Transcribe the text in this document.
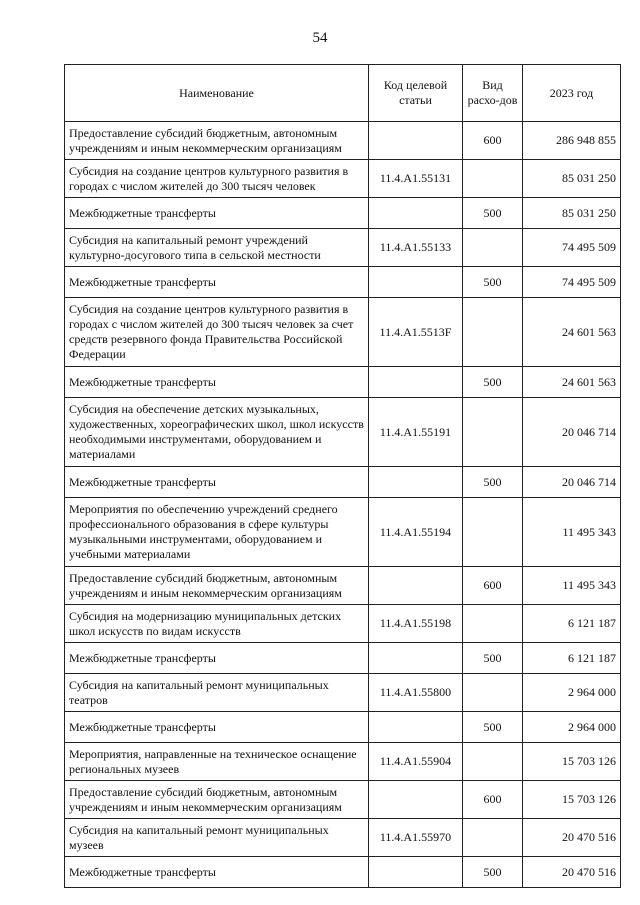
54
Наименование	Код целевой статьи	Вид расхо-дов	2023 год
Предоставление субсидий бюджетным, автономным учреждениям и иным некоммерческим организациям		600	286 948 855
Субсидия на создание центров культурного развития в городах с числом жителей до 300 тысяч человек	11.4.А1.55131		85 031 250
Межбюджетные трансферты		500	85 031 250
Субсидия на капитальный ремонт учреждений культурно-досугового типа в сельской местности	11.4.А1.55133		74 495 509
Межбюджетные трансферты		500	74 495 509
Субсидия на создание центров культурного развития в городах с числом жителей до 300 тысяч человек за счет средств резервного фонда Правительства Российской Федерации	11.4.А1.5513F		24 601 563
Межбюджетные трансферты		500	24 601 563
Субсидия на обеспечение детских музыкальных, художественных, хореографических школ, школ искусств необходимыми инструментами, оборудованием и материалами	11.4.А1.55191		20 046 714
Межбюджетные трансферты		500	20 046 714
Мероприятия по обеспечению учреждений среднего профессионального образования в сфере культуры музыкальными инструментами, оборудованием и учебными материалами	11.4.А1.55194		11 495 343
Предоставление субсидий бюджетным, автономным учреждениям и иным некоммерческим организациям		600	11 495 343
Субсидия на модернизацию муниципальных детских школ искусств по видам искусств	11.4.А1.55198		6 121 187
Межбюджетные трансферты		500	6 121 187
Субсидия на капитальный ремонт муниципальных театров	11.4.А1.55800		2 964 000
Межбюджетные трансферты		500	2 964 000
Мероприятия, направленные на техническое оснащение региональных музеев	11.4.А1.55904		15 703 126
Предоставление субсидий бюджетным, автономным учреждениям и иным некоммерческим организациям		600	15 703 126
Субсидия на капитальный ремонт муниципальных музеев	11.4.А1.55970		20 470 516
Межбюджетные трансферты		500	20 470 516
